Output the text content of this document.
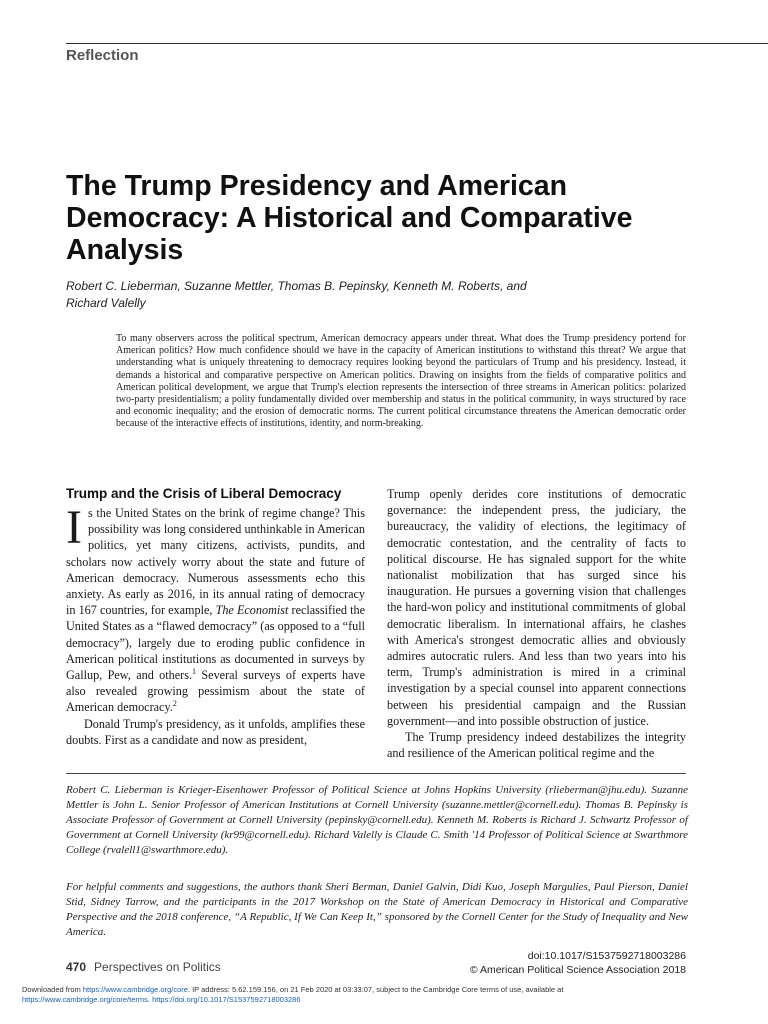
Reflection
The Trump Presidency and American Democracy: A Historical and Comparative Analysis
Robert C. Lieberman, Suzanne Mettler, Thomas B. Pepinsky, Kenneth M. Roberts, and
Richard Valelly
To many observers across the political spectrum, American democracy appears under threat. What does the Trump presidency portend for American politics? How much confidence should we have in the capacity of American institutions to withstand this threat? We argue that understanding what is uniquely threatening to democracy requires looking beyond the particulars of Trump and his presidency. Instead, it demands a historical and comparative perspective on American politics. Drawing on insights from the fields of comparative politics and American political development, we argue that Trump's election represents the intersection of three streams in American politics: polarized two-party presidentialism; a polity fundamentally divided over membership and status in the political community, in ways structured by race and economic inequality; and the erosion of democratic norms. The current political circumstance threatens the American democratic order because of the interactive effects of institutions, identity, and norm-breaking.
Trump and the Crisis of Liberal Democracy

Is the United States on the brink of regime change? This possibility was long considered unthinkable in American politics, yet many citizens, activists, pundits, and scholars now actively worry about the state and future of American democracy. Numerous assessments echo this anxiety. As early as 2016, in its annual rating of democracy in 167 countries, for example, The Economist reclassified the United States as a “flawed democracy” (as opposed to a “full democracy”), largely due to eroding public confidence in American political institutions as documented in surveys by Gallup, Pew, and others.$^1$ Several surveys of experts have also revealed growing pessimism about the state of American democracy.$^2$

Donald Trump's presidency, as it unfolds, amplifies these doubts. First as a candidate and now as president,

Trump openly derides core institutions of democratic governance: the independent press, the judiciary, the bureaucracy, the validity of elections, the legitimacy of democratic contestation, and the centrality of facts to political discourse. He has signaled support for the white nationalist mobilization that has surged since his inauguration. He pursues a governing vision that challenges the hard-won policy and institutional commitments of global democratic liberalism. In international affairs, he clashes with America's strongest democratic allies and obviously admires autocratic rulers. And less than two years into his term, Trump's administration is mired in a criminal investigation by a special counsel into apparent connections between his presidential campaign and the Russian government—and into possible obstruction of justice.

The Trump presidency indeed destabilizes the integrity and resilience of the American political regime and the

Robert C. Lieberman is Krieger-Eisenhower Professor of Political Science at Johns Hopkins University (rlieberman@jhu.edu). Suzanne Mettler is John L. Senior Professor of American Institutions at Cornell University (suzanne.mettler@cornell.edu). Thomas B. Pepinsky is Associate Professor of Government at Cornell University (pepinsky@cornell.edu). Kenneth M. Roberts is Richard J. Schwartz Professor of Government at Cornell University (kr99@cornell.edu). Richard Valelly is Claude C. Smith '14 Professor of Political Science at Swarthmore College (rvalell1@swarthmore.edu).
For helpful comments and suggestions, the authors thank Sheri Berman, Daniel Galvin, Didi Kuo, Joseph Margulies, Paul Pierson, Daniel Stid, Sidney Tarrow, and the participants in the 2017 Workshop on the State of American Democracy in Historical and Comparative Perspective and the 2018 conference, “A Republic, If We Can Keep It,” sponsored by the Cornell Center for the Study of Inequality and New America.
doi:10.1017/S1537592718003286
© American Political Science Association 2018
470 Perspectives on Politics
Downloaded from https://www.cambridge.org/core. IP address: 5.62.159.156, on 21 Feb 2020 at 03:33:07, subject to the Cambridge Core terms of use, available at
https://www.cambridge.org/core/terms. https://doi.org/10.1017/S1537592718003286
